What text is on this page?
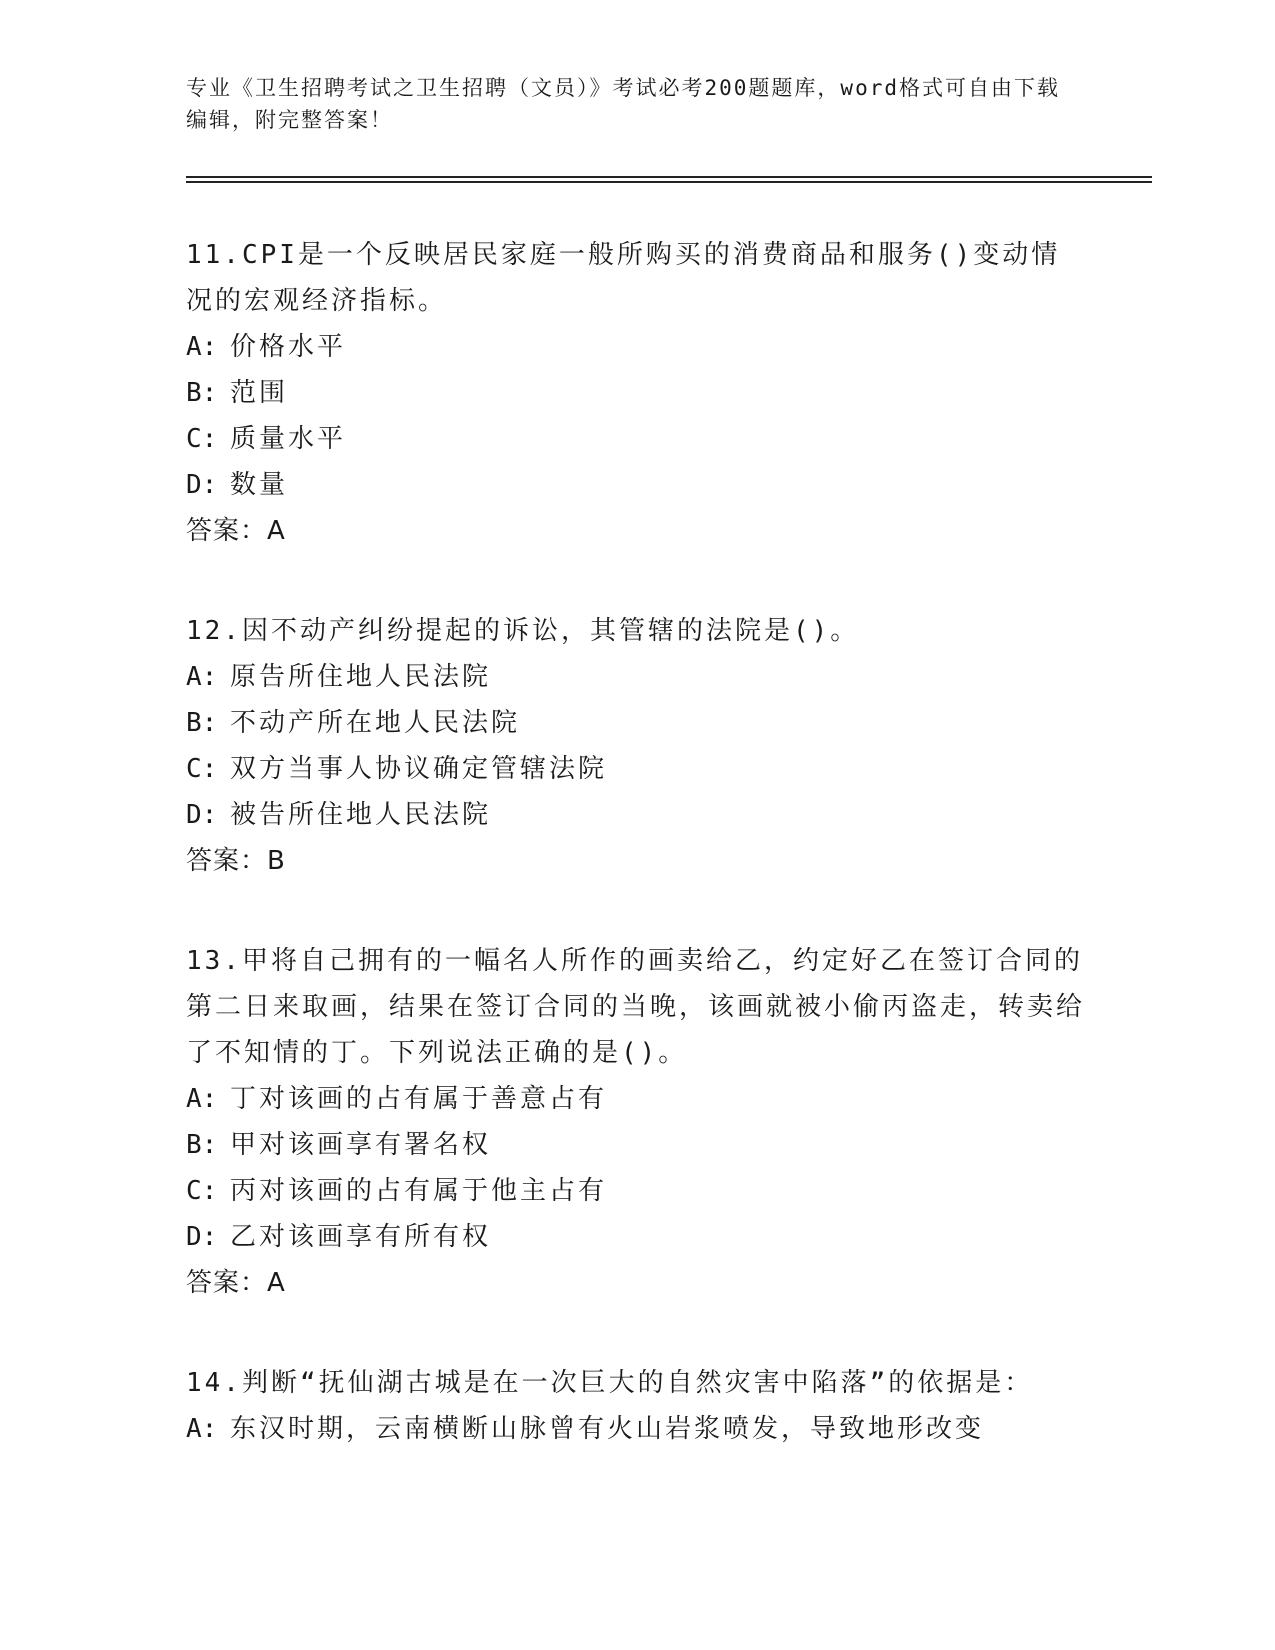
专业《卫生招聘考试之卫生招聘（文员）》考试必考200题题库，word格式可自由下载编辑，附完整答案！

11.CPI是一个反映居民家庭一般所购买的消费商品和服务()变动情况的宏观经济指标。

A: 价格水平

B: 范围

C: 质量水平

D: 数量

答案：A

12.因不动产纠纷提起的诉讼，其管辖的法院是()。

A: 原告所住地人民法院

B: 不动产所在地人民法院

C: 双方当事人协议确定管辖法院

D: 被告所住地人民法院

答案：B

13.甲将自己拥有的一幅名人所作的画卖给乙，约定好乙在签订合同的第二日来取画，结果在签订合同的当晚，该画就被小偷丙盗走，转卖给了不知情的丁。下列说法正确的是()。

A: 丁对该画的占有属于善意占有

B: 甲对该画享有署名权

C: 丙对该画的占有属于他主占有

D: 乙对该画享有所有权

答案：A

14.判断“抚仙湖古城是在一次巨大的自然灾害中陷落”的依据是：

A: 东汉时期，云南横断山脉曾有火山岩浆喷发，导致地形改变
